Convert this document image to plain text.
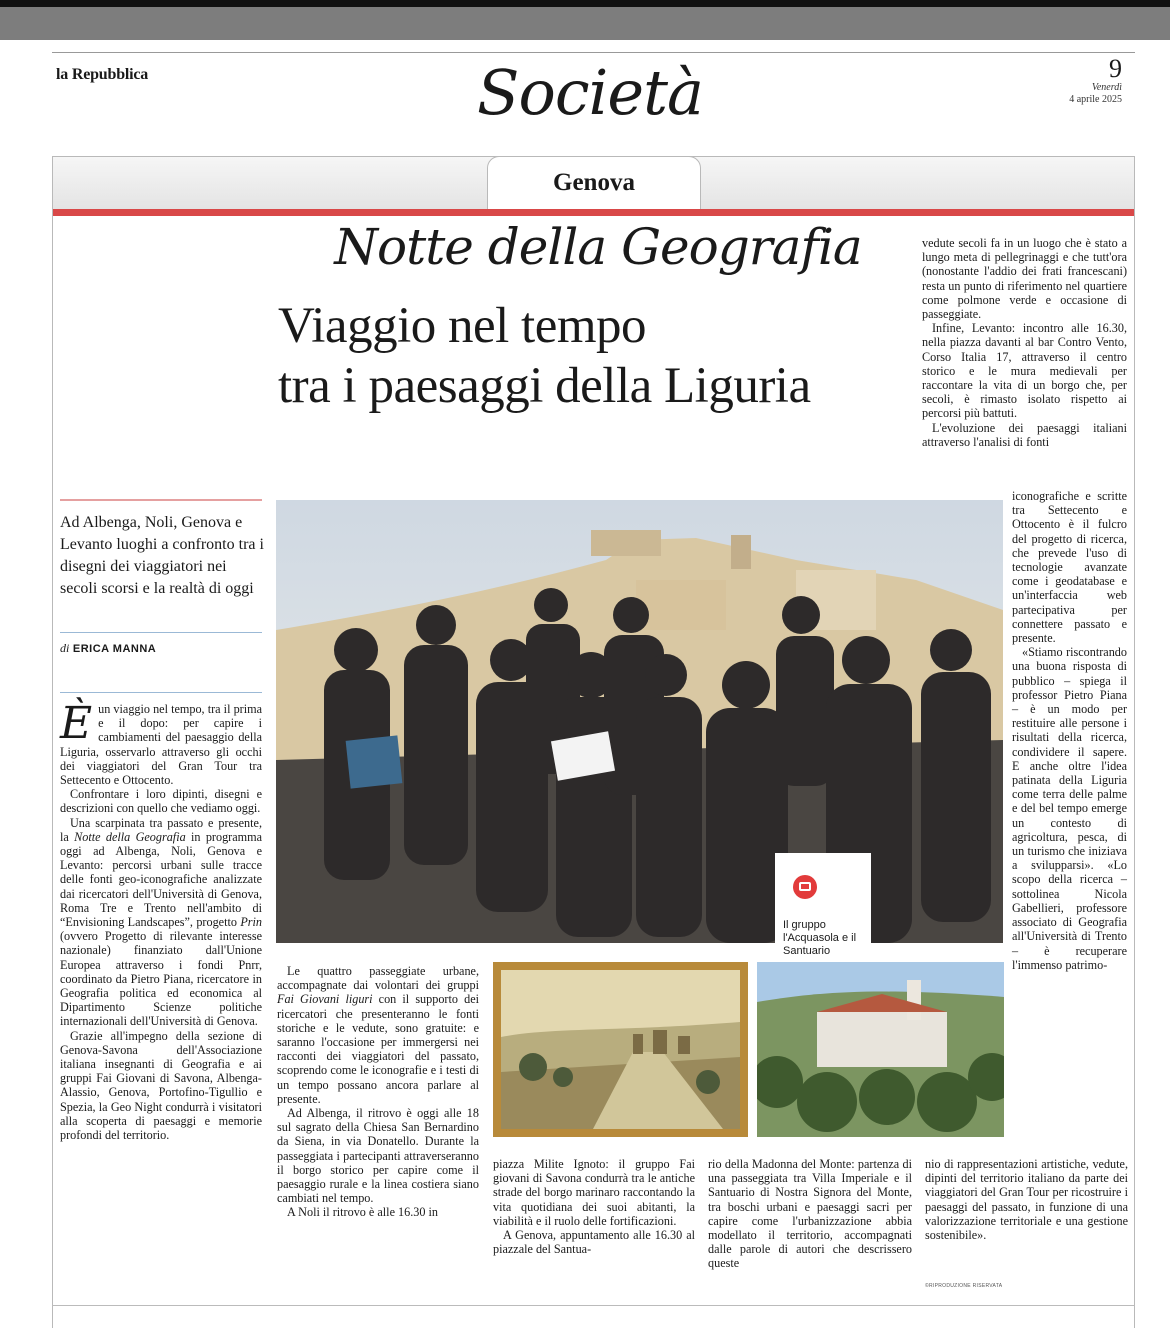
la Repubblica	Società	9
Venerdì
4 aprile 2025
Genova
Notte della Geografia
Viaggio nel tempo
tra i paesaggi della Liguria
Ad Albenga, Noli, Genova e Levanto luoghi a confronto tra i disegni dei viaggiatori nei secoli scorsi e la realtà di oggi
di ERICA MANNA

Èun viaggio nel tempo, tra il prima e il dopo: per capire i cambiamenti del paesaggio della Liguria, osservarlo attraverso gli occhi dei viaggiatori del Gran Tour tra Settecento e Ottocento.

Confrontare i loro dipinti, disegni e descrizioni con quello che vediamo oggi.

Una scarpinata tra passato e presente, la Notte della Geografia in programma oggi ad Albenga, Noli, Genova e Levanto: percorsi urbani sulle tracce delle fonti geo-iconografiche analizzate dai ricercatori dell'Università di Genova, Roma Tre e Trento nell'ambito di “Envisioning Landscapes”, progetto Prin (ovvero Progetto di rilevante interesse nazionale) finanziato dall'Unione Europea attraverso i fondi Pnrr, coordinato da Pietro Piana, ricercatore in Geografia politica ed economica al Dipartimento Scienze politiche internazionali dell'Università di Genova.

Grazie all'impegno della sezione di Genova-Savona dell'Associazione italiana insegnanti di Geografia e ai gruppi Fai Giovani di Savona, Albenga-Alassio, Genova, Portofino-Tigullio e Spezia, la Geo Night condurrà i visitatori alla scoperta di paesaggi e memorie profondi del territorio.

Il gruppo l'Acquasola e il Santuario

vedute secoli fa in un luogo che è stato a lungo meta di pellegrinaggi e che tutt'ora (nonostante l'addio dei frati francescani) resta un punto di riferimento nel quartiere come polmone verde e occasione di passeggiate.

Infine, Levanto: incontro alle 16.30, nella piazza davanti al bar Contro Vento, Corso Italia 17, attraverso il centro storico e le mura medievali per raccontare la vita di un borgo che, per secoli, è rimasto isolato rispetto ai percorsi più battuti.

L'evoluzione dei paesaggi italiani attraverso l'analisi di fonti

iconografiche e scritte tra Settecento e Ottocento è il fulcro del progetto di ricerca, che prevede l'uso di tecnologie avanzate come i geodatabase e un'interfaccia web partecipativa per connettere passato e presente.

«Stiamo riscontrando una buona risposta di pubblico – spiega il professor Pietro Piana – è un modo per restituire alle persone i risultati della ricerca, condividere il sapere. E anche oltre l'idea patinata della Liguria come terra delle palme e del bel tempo emerge un contesto di agricoltura, pesca, di un turismo che iniziava a svilupparsi». «Lo scopo della ricerca – sottolinea Nicola Gabellieri, professore associato di Geografia all'Università di Trento – è recuperare l'immenso patrimo-

Le quattro passeggiate urbane, accompagnate dai volontari dei gruppi Fai Giovani liguri con il supporto dei ricercatori che presenteranno le fonti storiche e le vedute, sono gratuite: e saranno l'occasione per immergersi nei racconti dei viaggiatori del passato, scoprendo come le iconografie e i testi di un tempo possano ancora parlare al presente.

Ad Albenga, il ritrovo è oggi alle 18 sul sagrato della Chiesa San Bernardino da Siena, in via Donatello. Durante la passeggiata i partecipanti attraverseranno il borgo storico per capire come il paesaggio rurale e la linea costiera siano cambiati nel tempo.

A Noli il ritrovo è alle 16.30 in

piazza Milite Ignoto: il gruppo Fai giovani di Savona condurrà tra le antiche strade del borgo marinaro raccontando la vita quotidiana dei suoi abitanti, la viabilità e il ruolo delle fortificazioni.

A Genova, appuntamento alle 16.30 al piazzale del Santua-

rio della Madonna del Monte: partenza di una passeggiata tra Villa Imperiale e il Santuario di Nostra Signora del Monte, tra boschi urbani e paesaggi sacri per capire come l'urbanizzazione abbia modellato il territorio, accompagnati dalle parole di autori che descrissero queste

nio di rappresentazioni artistiche, vedute, dipinti del territorio italiano da parte dei viaggiatori del Gran Tour per ricostruire i paesaggi del passato, in funzione di una valorizzazione territoriale e una gestione sostenibile».

©RIPRODUZIONE RISERVATA
